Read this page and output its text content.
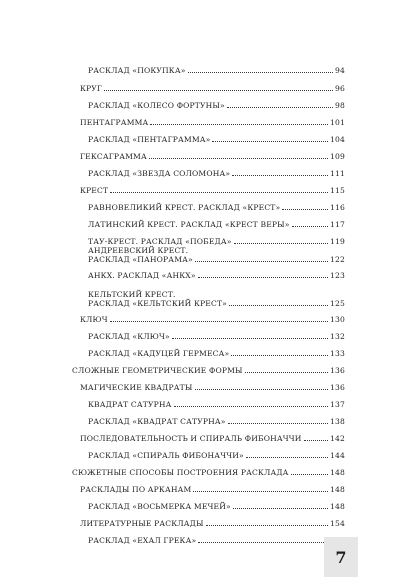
РАСКЛАД «ПОКУПКА»	94
КРУГ	96
РАСКЛАД «КОЛЕСО ФОРТУНЫ»	98
ПЕНТАГРАММА	101
РАСКЛАД «ПЕНТАГРАММА»	104
ГЕКСАГРАММА	109
РАСКЛАД «ЗВЕЗДА СОЛОМОНА»	111
КРЕСТ	115
РАВНОВЕЛИКИЙ КРЕСТ. РАСКЛАД «КРЕСТ»	116
ЛАТИНСКИЙ КРЕСТ. РАСКЛАД «КРЕСТ ВЕРЫ»	117
ТАУ-КРЕСТ. РАСКЛАД «ПОБЕДА»	119
АНДРЕЕВСКИЙ КРЕСТ.
РАСКЛАД «ПАНОРАМА»	122
АНКХ. РАСКЛАД «АНКХ»	123
КЕЛЬТСКИЙ КРЕСТ.
РАСКЛАД «КЕЛЬТСКИЙ КРЕСТ»	125
КЛЮЧ	130
РАСКЛАД «КЛЮЧ»	132
РАСКЛАД «КАДУЦЕЙ ГЕРМЕСА»	133
СЛОЖНЫЕ ГЕОМЕТРИЧЕСКИЕ ФОРМЫ	136
МАГИЧЕСКИЕ КВАДРАТЫ	136
КВАДРАТ САТУРНА	137
РАСКЛАД «КВАДРАТ САТУРНА»	138
ПОСЛЕДОВАТЕЛЬНОСТЬ И СПИРАЛЬ ФИБОНАЧЧИ	142
РАСКЛАД «СПИРАЛЬ ФИБОНАЧЧИ»	144
СЮЖЕТНЫЕ СПОСОБЫ ПОСТРОЕНИЯ РАСКЛАДА	148
РАСКЛАДЫ ПО АРКАНАМ	148
РАСКЛАД «ВОСЬМЕРКА МЕЧЕЙ»	148
ЛИТЕРАТУРНЫЕ РАСКЛАДЫ	154
РАСКЛАД «ЕХАЛ ГРЕКА»
7
